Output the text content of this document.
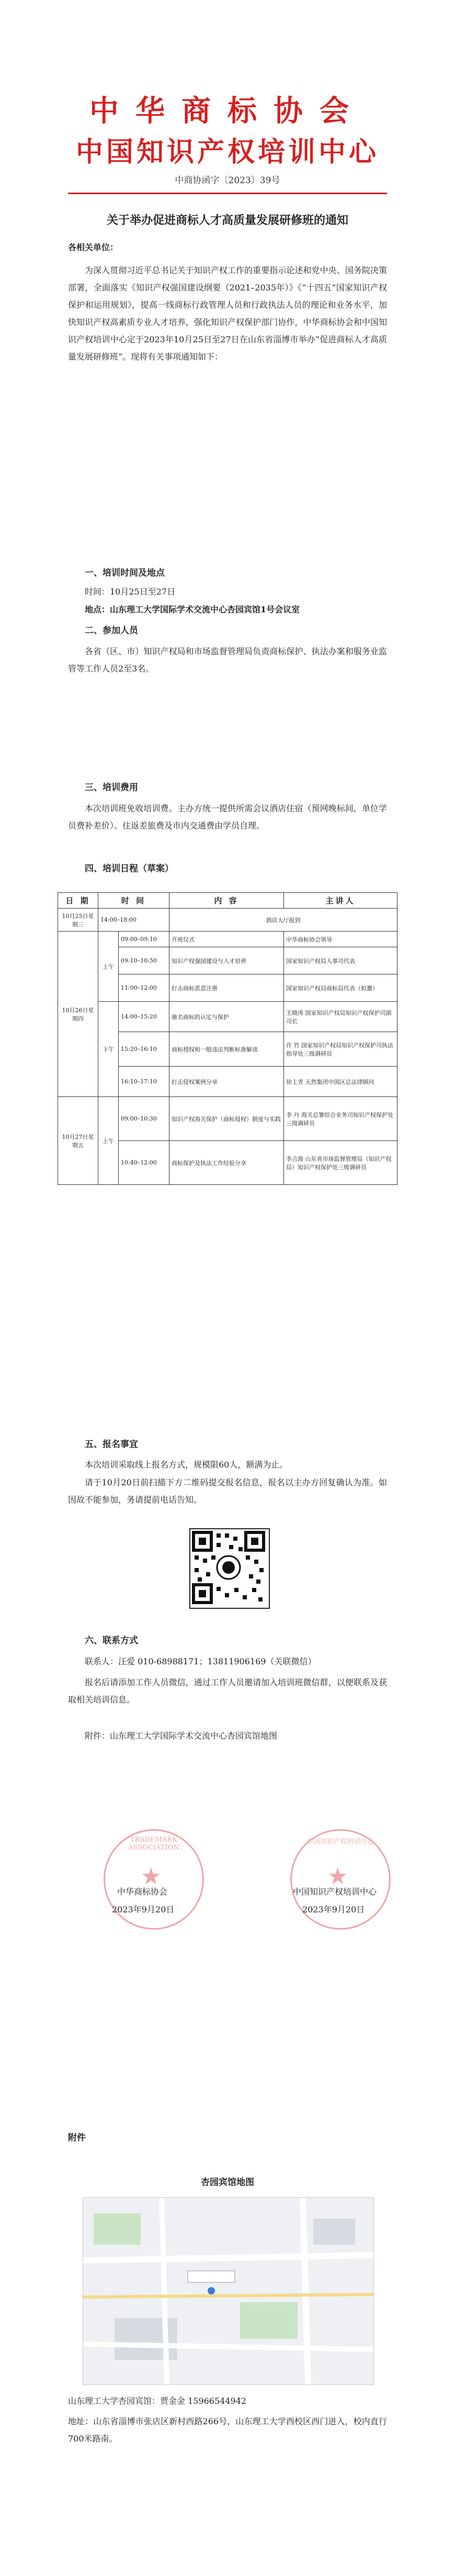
中华商标协会
中国知识产权培训中心
中商协函字〔2023〕39号
关于举办促进商标人才高质量发展研修班的通知
各相关单位：
为深入贯彻习近平总书记关于知识产权工作的重要指示论述和党中央、国务院决策部署，全面落实《知识产权强国建设纲要（2021–2035年）》《“十四五”国家知识产权保护和运用规划》，提高一线商标行政管理人员和行政执法人员的理论和业务水平，加快知识产权高素质专业人才培养，强化知识产权保护部门协作，中华商标协会和中国知识产权培训中心定于2023年10月25日至27日在山东省淄博市举办“促进商标人才高质量发展研修班”。现将有关事项通知如下：
一、培训时间及地点
时间：10月25日至27日
地点：山东理工大学国际学术交流中心杏园宾馆1号会议室
二、参加人员
各省（区、市）知识产权局和市场监督管理局负责商标保护、执法办案和服务业监管等工作人员2至3名。
三、培训费用
本次培训班免收培训费。主办方统一提供所需会议酒店住宿（预网晚标间，单位学员费补差价）。往返差旅费及市内交通费由学员自理。
四、培训日程（草案）
日 期	时 间		内 容	主讲人
10月25日星期三	14:00–18:00		酒店大厅报到	
10月26日星期四	上午	09:00–09:10	开班仪式	中华商标协会领导
		09:10–10:50	知识产权强国建设与人才培养	国家知识产权局人事司代表
		11:00–12:00	打击商标恶意注册	国家知识产权局商标局代表（拟邀）
	下午	14:00–15:20	驰名商标的认定与保护	王晓涛 国家知识产权局知识产权保护司副司长
		15:20–16:10	商标授权和一般违法判断标准解读	许 竹 国家知识产权局知识产权保护司执法指导处三级调研员
		16:10–17:10	打击侵权案例分享	徐士青 天然集团中国区总法律顾问
10月27日星期五	上午	09:00–10:30	知识产权海关保护（商标侵权）制度与实践	李 丹 海关总署综合业务司知识产权保护处三级调研员
		10:40–12:00	商标保护及执法工作经验分享	李吉海 山东省市场监督管理局（知识产权局）知识产权保护处三级调研员
五、报名事宜
本次培训采取线上报名方式，规模限60人，额满为止。
请于10月20日前扫描下方二维码提交报名信息，报名以主办方回复确认为准。如因故不能参加，务请提前电话告知。
六、联系方式
联系人：汪爱 010-68988171；13811906169（关联微信）
报名后请添加工作人员微信，通过工作人员邀请加入培训班微信群，以便联系及获取相关培训信息。
附件：山东理工大学国际学术交流中心杏园宾馆地图
TRADEMARK ASSOCIATION
★
中国知识产权培训中心
★
中华商标协会
2023年9月20日
中国知识产权培训中心
2023年9月20日
附件
杏园宾馆地图
山东理工大学杏园宾馆：贾金金 15966544942
地址：山东省淄博市张店区新村西路266号，山东理工大学西校区西门进入，校内直行700米路南。
